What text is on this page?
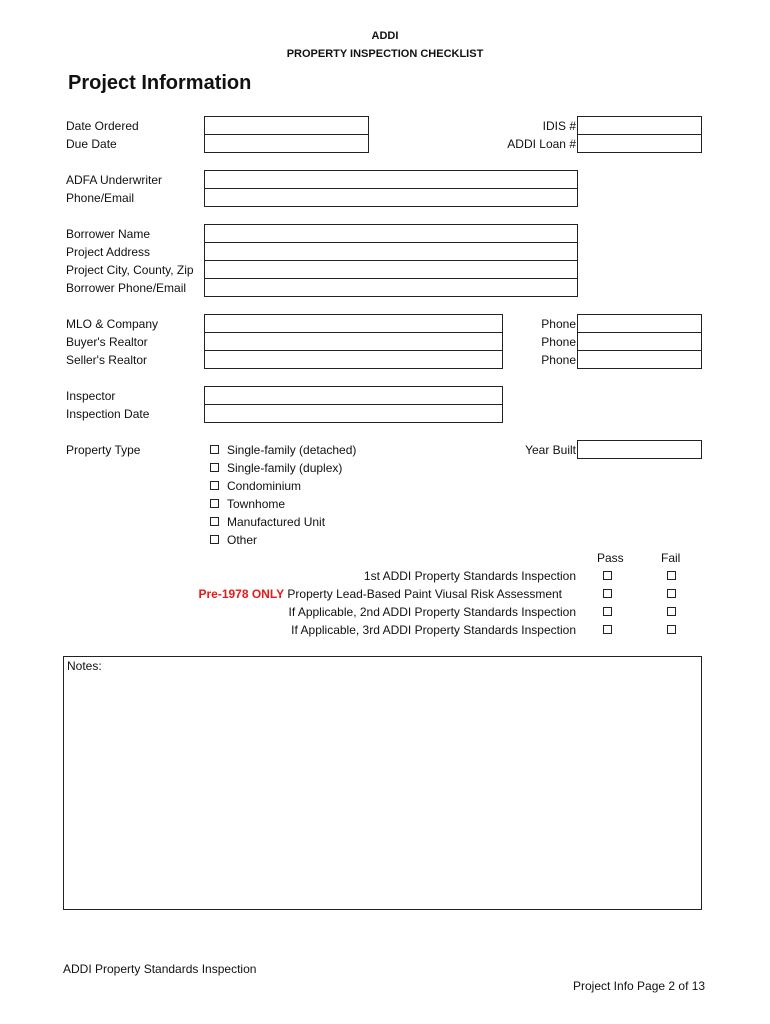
ADDI
PROPERTY INSPECTION CHECKLIST
Project Information
Date Ordered
Due Date
IDIS #
ADDI Loan #
ADFA Underwriter
Phone/Email
Borrower Name
Project Address
Project City, County, Zip
Borrower Phone/Email
MLO & Company
Buyer's Realtor
Seller's Realtor
Phone
Phone
Phone
Inspector
Inspection Date
Property Type	Single-family (detached)
Single-family (duplex)
Condominium
Townhome
Manufactured Unit
Other
Year Built
Pass	Fail
1st ADDI Property Standards Inspection
Pre-1978 ONLY Property Lead-Based Paint Viusal Risk Assessment
If Applicable, 2nd ADDI Property Standards Inspection
If Applicable, 3rd ADDI Property Standards Inspection
Notes:
ADDI Property Standards Inspection
Project Info Page 2 of 13
